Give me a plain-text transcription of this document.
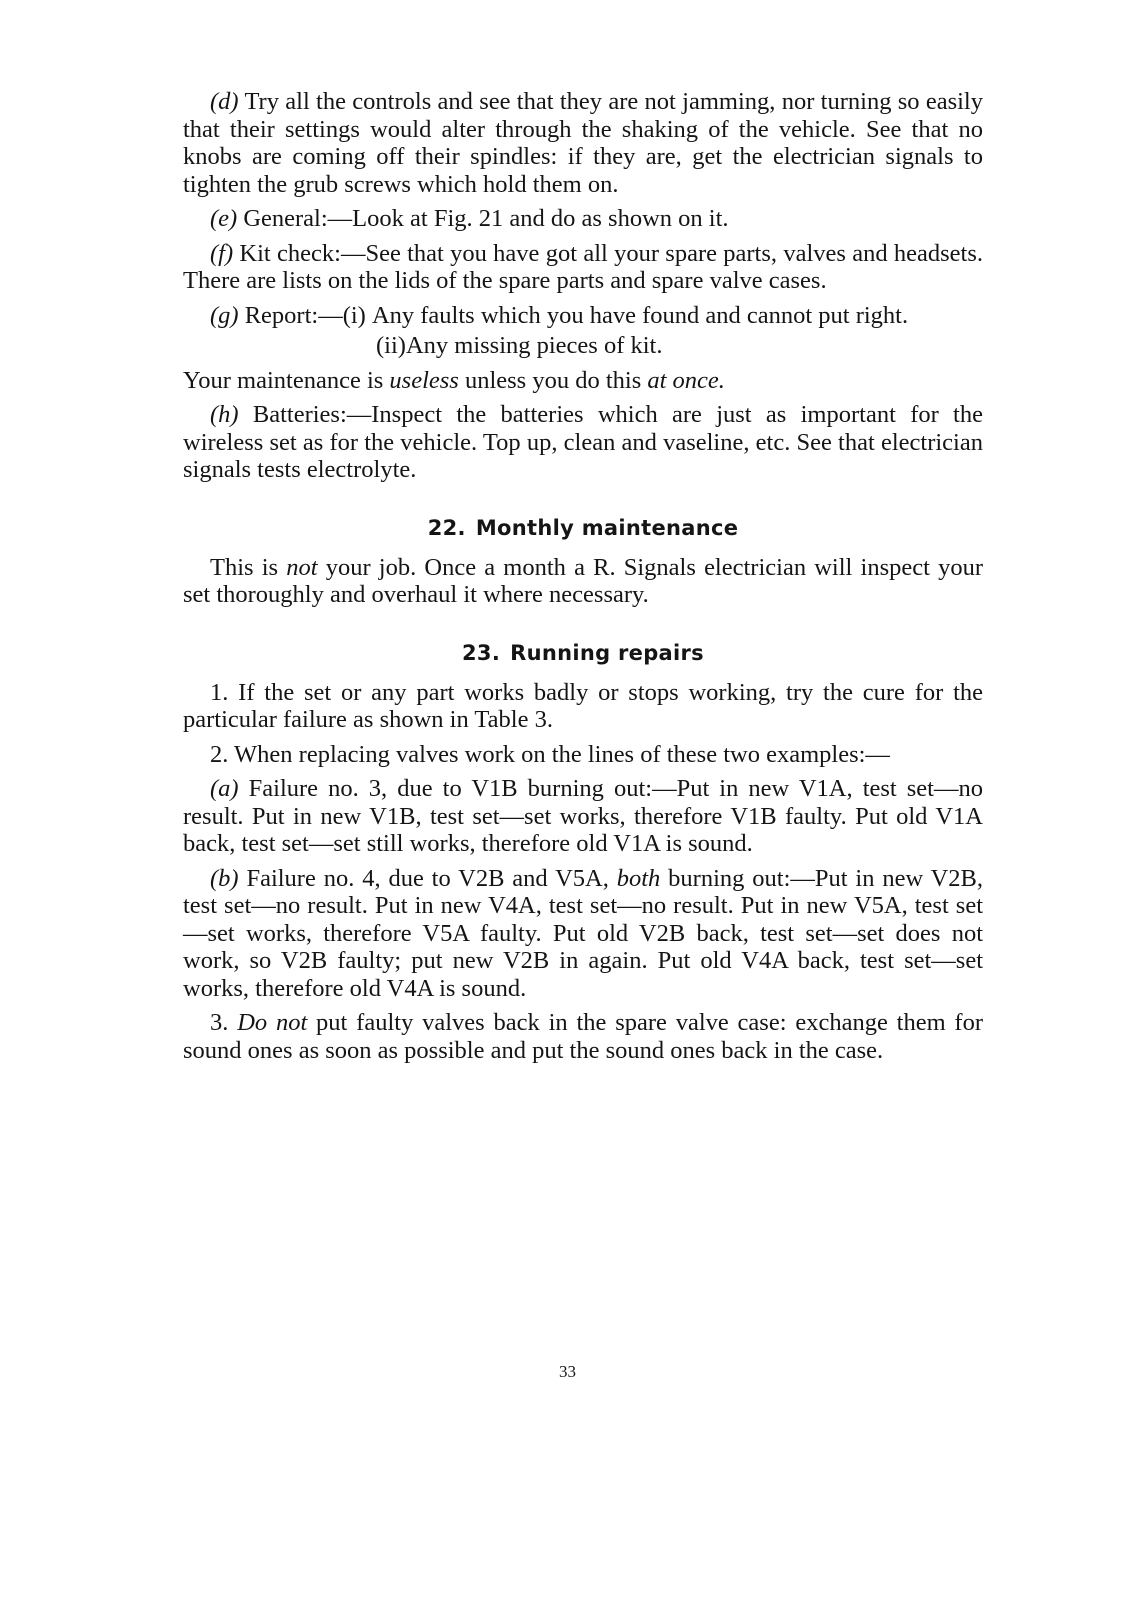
(d) Try all the controls and see that they are not jamming, nor turning so easily that their settings would alter through the shaking of the vehicle. See that no knobs are coming off their spindles: if they are, get the electrician signals to tighten the grub screws which hold them on.

(e) General:—Look at Fig. 21 and do as shown on it.

(f) Kit check:—See that you have got all your spare parts, valves and headsets. There are lists on the lids of the spare parts and spare valve cases.

(g) Report:— (i) Any faults which you have found and cannot put right.
(ii) Any missing pieces of kit.

Your maintenance is useless unless you do this at once.

(h) Batteries:—Inspect the batteries which are just as important for the wireless set as for the vehicle. Top up, clean and vaseline, etc. See that electrician signals tests electrolyte.

22. Monthly maintenance

This is not your job. Once a month a R. Signals electrician will inspect your set thoroughly and overhaul it where necessary.

23. Running repairs

1. If the set or any part works badly or stops working, try the cure for the particular failure as shown in Table 3.

2. When replacing valves work on the lines of these two examples:—

(a) Failure no. 3, due to V1B burning out:—Put in new V1A, test set—no result. Put in new V1B, test set—set works, therefore V1B faulty. Put old V1A back, test set—set still works, therefore old V1A is sound.

(b) Failure no. 4, due to V2B and V5A, both burning out:—Put in new V2B, test set—no result. Put in new V4A, test set—no result. Put in new V5A, test set—set works, therefore V5A faulty. Put old V2B back, test set—set does not work, so V2B faulty; put new V2B in again. Put old V4A back, test set—set works, therefore old V4A is sound.

3. Do not put faulty valves back in the spare valve case: exchange them for sound ones as soon as possible and put the sound ones back in the case.

33
